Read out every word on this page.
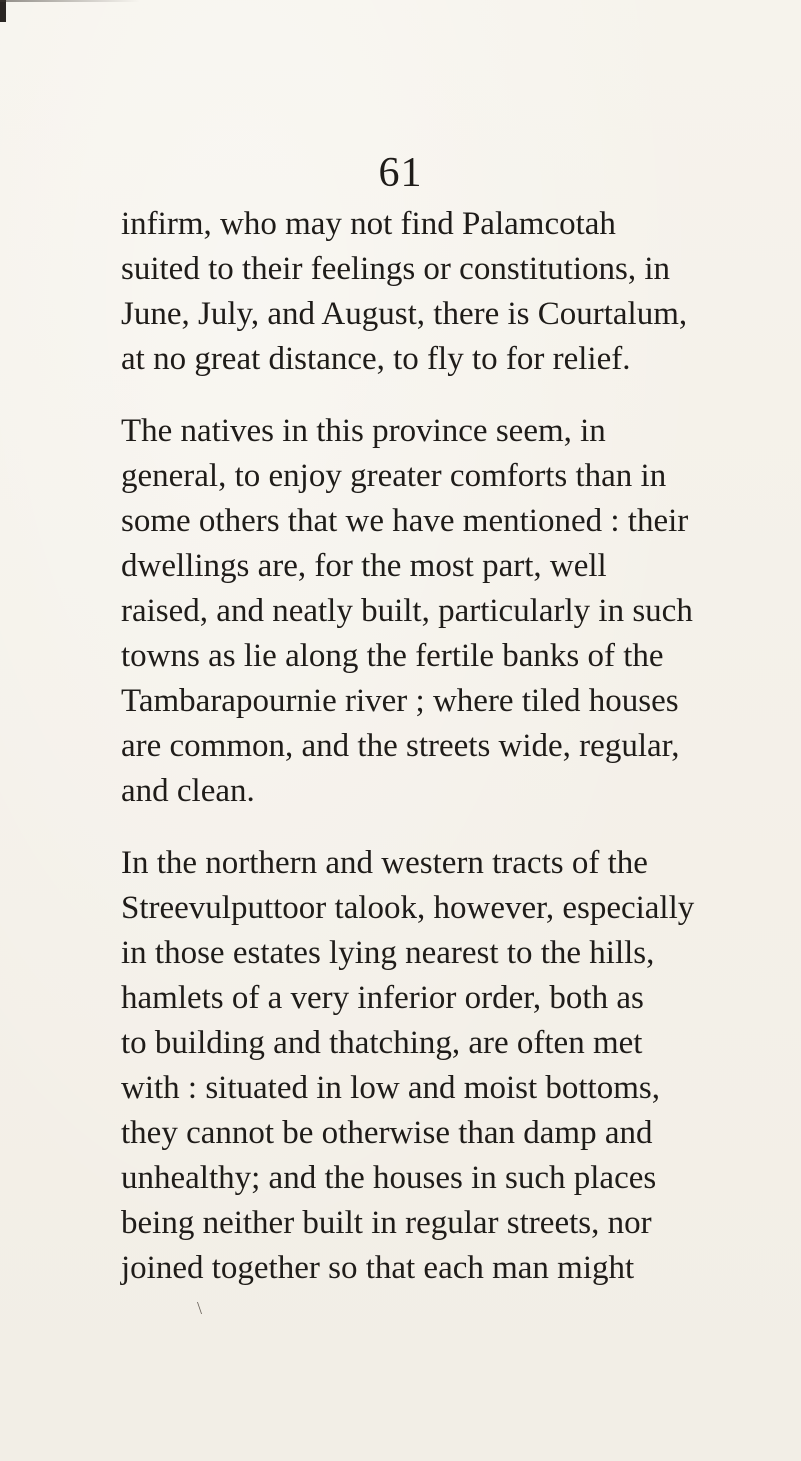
61
infirm, who may not find Palamcotah
suited to their feelings or constitutions, in
June, July, and August, there is Courtalum,
at no great distance, to fly to for relief.
The natives in this province seem, in
general, to enjoy greater comforts than in
some others that we have mentioned : their
dwellings are, for the most part, well
raised, and neatly built, particularly in such
towns as lie along the fertile banks of the
Tambarapournie river ; where tiled houses
are common, and the streets wide, regular,
and clean.
In the northern and western tracts of the
Streevulputtoor talook, however, especially
in those estates lying nearest to the hills,
hamlets of a very inferior order, both as
to building and thatching, are often met
with : situated in low and moist bottoms,
they cannot be otherwise than damp and
unhealthy; and the houses in such places
being neither built in regular streets, nor
joined together so that each man might
\
